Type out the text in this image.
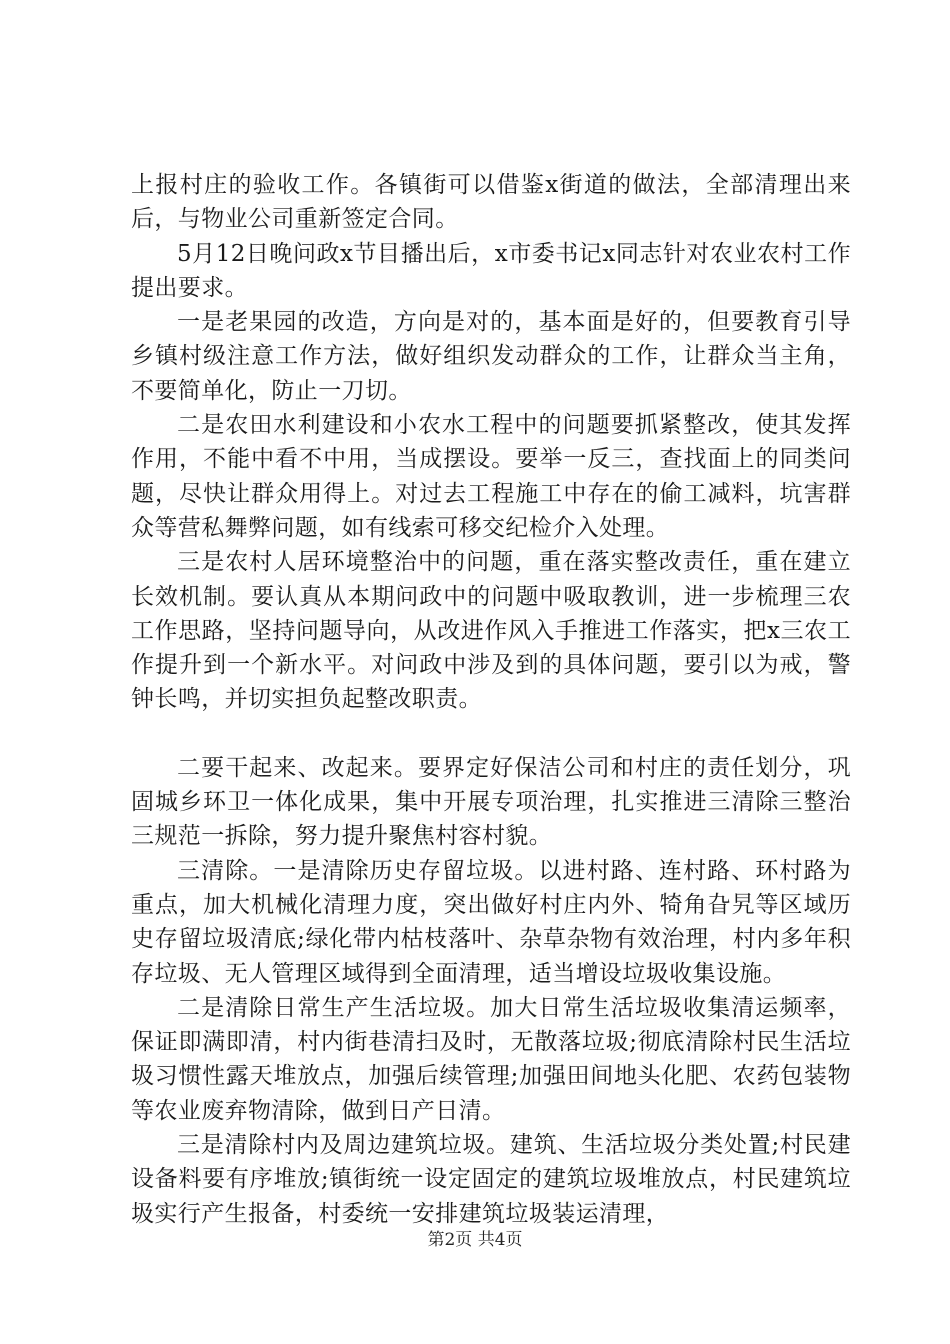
上报村庄的验收工作。各镇街可以借鉴x街道的做法，全部清理出来后，与物业公司重新签定合同。

5月12日晚问政x节目播出后，x市委书记x同志针对农业农村工作提出要求。

一是老果园的改造，方向是对的，基本面是好的，但要教育引导乡镇村级注意工作方法，做好组织发动群众的工作，让群众当主角，不要简单化，防止一刀切。

二是农田水利建设和小农水工程中的问题要抓紧整改，使其发挥作用，不能中看不中用，当成摆设。要举一反三，查找面上的同类问题，尽快让群众用得上。对过去工程施工中存在的偷工减料，坑害群众等营私舞弊问题，如有线索可移交纪检介入处理。

三是农村人居环境整治中的问题，重在落实整改责任，重在建立长效机制。要认真从本期问政中的问题中吸取教训，进一步梳理三农工作思路，坚持问题导向，从改进作风入手推进工作落实，把x三农工作提升到一个新水平。对问政中涉及到的具体问题，要引以为戒，警钟长鸣，并切实担负起整改职责。

二要干起来、改起来。要界定好保洁公司和村庄的责任划分，巩固城乡环卫一体化成果，集中开展专项治理，扎实推进三清除三整治三规范一拆除，努力提升聚焦村容村貌。

三清除。一是清除历史存留垃圾。以进村路、连村路、环村路为重点，加大机械化清理力度，突出做好村庄内外、犄角旮旯等区域历史存留垃圾清底;绿化带内枯枝落叶、杂草杂物有效治理，村内多年积存垃圾、无人管理区域得到全面清理，适当增设垃圾收集设施。

二是清除日常生产生活垃圾。加大日常生活垃圾收集清运频率，保证即满即清，村内街巷清扫及时，无散落垃圾;彻底清除村民生活垃圾习惯性露天堆放点，加强后续管理;加强田间地头化肥、农药包装物等农业废弃物清除，做到日产日清。

三是清除村内及周边建筑垃圾。建筑、生活垃圾分类处置;村民建设备料要有序堆放;镇街统一设定固定的建筑垃圾堆放点，村民建筑垃圾实行产生报备，村委统一安排建筑垃圾装运清理，

第2页 共4页
